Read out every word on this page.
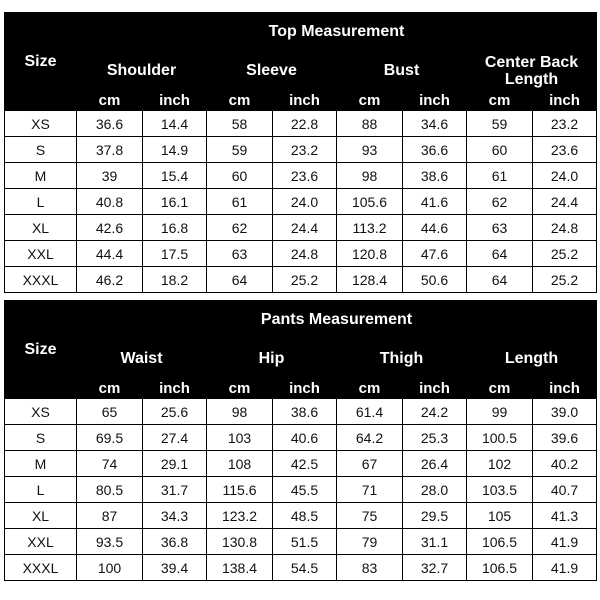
Size	Top Measurement							
	Shoulder		Sleeve		Bust		Center Back Length	
	cm	inch	cm	inch	cm	inch	cm	inch
XS	36.6	14.4	58	22.8	88	34.6	59	23.2
S	37.8	14.9	59	23.2	93	36.6	60	23.6
M	39	15.4	60	23.6	98	38.6	61	24.0
L	40.8	16.1	61	24.0	105.6	41.6	62	24.4
XL	42.6	16.8	62	24.4	113.2	44.6	63	24.8
XXL	44.4	17.5	63	24.8	120.8	47.6	64	25.2
XXXL	46.2	18.2	64	25.2	128.4	50.6	64	25.2
Size	Pants Measurement							
	Waist		Hip		Thigh		Length	
	cm	inch	cm	inch	cm	inch	cm	inch
XS	65	25.6	98	38.6	61.4	24.2	99	39.0
S	69.5	27.4	103	40.6	64.2	25.3	100.5	39.6
M	74	29.1	108	42.5	67	26.4	102	40.2
L	80.5	31.7	115.6	45.5	71	28.0	103.5	40.7
XL	87	34.3	123.2	48.5	75	29.5	105	41.3
XXL	93.5	36.8	130.8	51.5	79	31.1	106.5	41.9
XXXL	100	39.4	138.4	54.5	83	32.7	106.5	41.9
